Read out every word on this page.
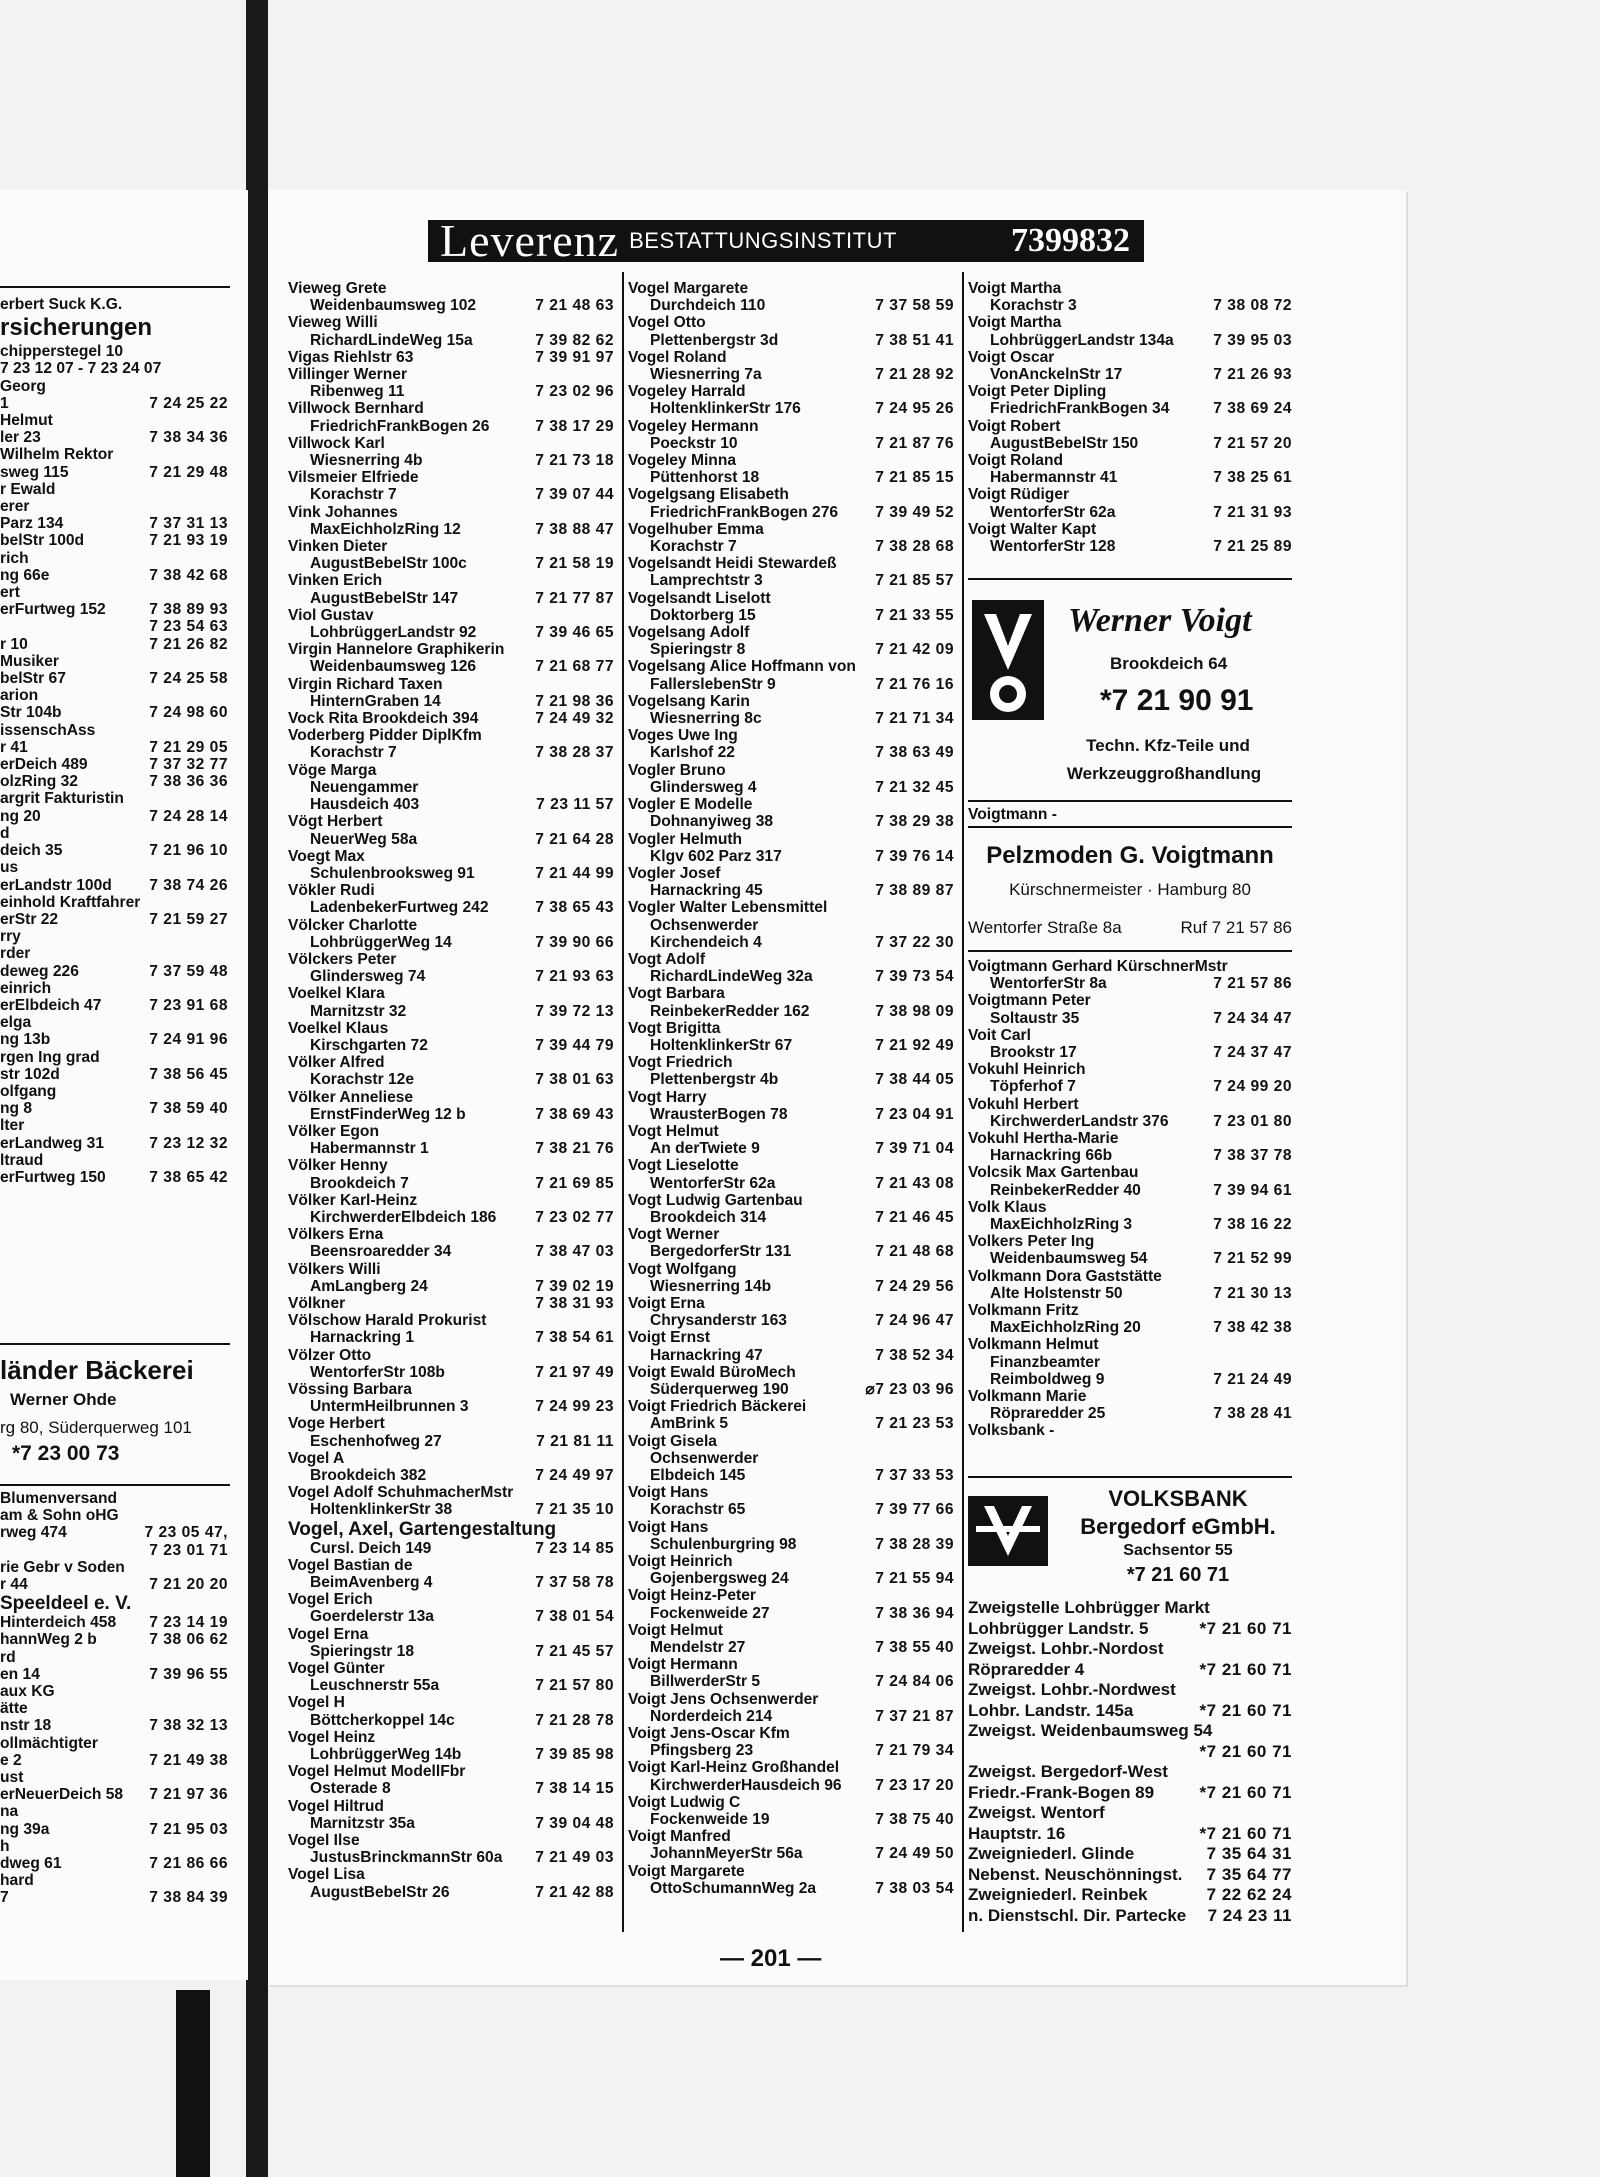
Leverenz BESTATTUNGSINSTITUT	7399832
erbert Suck K.G.
rsicherungen
chipperstegel 10
7 23 12 07 - 7 23 24 07
Georg
1	7 24 25 22
Helmut
ler 23	7 38 34 36
Wilhelm Rektor
sweg 115	7 21 29 48
r Ewald
erer
Parz 134	7 37 31 13
belStr 100d	7 21 93 19
rich
ng 66e	7 38 42 68
ert
erFurtweg 152	7 38 89 93
7 23 54 63
r 10	7 21 26 82
Musiker
belStr 67	7 24 25 58
arion
Str 104b	7 24 98 60
issenschAss
r 41	7 21 29 05
erDeich 489	7 37 32 77
olzRing 32	7 38 36 36
argrit Fakturistin
ng 20	7 24 28 14
d
deich 35	7 21 96 10
us
erLandstr 100d 7 38 74 26
einhold Kraftfahrer
erStr 22	7 21 59 27
rry
rder
deweg 226	7 37 59 48
einrich
erElbdeich 47	7 23 91 68
elga
ng 13b	7 24 91 96
rgen Ing grad
str 102d	7 38 56 45
olfgang
ng 8	7 38 59 40
lter
erLandweg 31	7 23 12 32
ltraud
erFurtweg 150	7 38 65 42
länder Bäckerei
Werner Ohde
rg 80, Süderquerweg 101
*7 23 00 73
Blumenversand
am & Sohn oHG
rweg 474	7 23 05 47,
7 23 01 71
rie Gebr v Soden
r 44	7 21 20 20
Speeldeel e. V.
Hinterdeich 458 7 23 14 19
hannWeg 2 b	7 38 06 62
rd
en 14	7 39 96 55
aux KG
ätte
nstr 18	7 38 32 13
ollmächtigter
e 2	7 21 49 38
ust
erNeuerDeich 58 7 21 97 36
na
ng 39a	7 21 95 03
h
dweg 61	7 21 86 66
hard
7	7 38 84 39
Vieweg Grete
Weidenbaumsweg 102	7 21 48 63
Vieweg Willi
RichardLindeWeg 15a	7 39 82 62
Vigas Riehlstr 63	7 39 91 97
Villinger Werner
Ribenweg 11	7 23 02 96
Villwock Bernhard
FriedrichFrankBogen 26	7 38 17 29
Villwock Karl
Wiesnerring 4b	7 21 73 18
Vilsmeier Elfriede
Korachstr 7	7 39 07 44
Vink Johannes
MaxEichholzRing 12	7 38 88 47
Vinken Dieter
AugustBebelStr 100c	7 21 58 19
Vinken Erich
AugustBebelStr 147	7 21 77 87
Viol Gustav
LohbrüggerLandstr 92	7 39 46 65
Virgin Hannelore Graphikerin
Weidenbaumsweg 126	7 21 68 77
Virgin Richard Taxen
HinternGraben 14	7 21 98 36
Vock Rita Brookdeich 394	7 24 49 32
Voderberg Pidder DiplKfm
Korachstr 7	7 38 28 37
Vöge Marga
Neuengammer
Hausdeich 403	7 23 11 57
Vögt Herbert
NeuerWeg 58a	7 21 64 28
Voegt Max
Schulenbrooksweg 91	7 21 44 99
Vökler Rudi
LadenbekerFurtweg 242	7 38 65 43
Völcker Charlotte
LohbrüggerWeg 14	7 39 90 66
Völckers Peter
Glindersweg 74	7 21 93 63
Voelkel Klara
Marnitzstr 32	7 39 72 13
Voelkel Klaus
Kirschgarten 72	7 39 44 79
Völker Alfred
Korachstr 12e	7 38 01 63
Völker Anneliese
ErnstFinderWeg 12 b	7 38 69 43
Völker Egon
Habermannstr 1	7 38 21 76
Völker Henny
Brookdeich 7	7 21 69 85
Völker Karl-Heinz
KirchwerderElbdeich 186 7 23 02 77
Völkers Erna
Beensroaredder 34	7 38 47 03
Völkers Willi
AmLangberg 24	7 39 02 19
Völkner	7 38 31 93
Völschow Harald Prokurist
Harnackring 1	7 38 54 61
Völzer Otto
WentorferStr 108b	7 21 97 49
Vössing Barbara
UntermHeilbrunnen 3	7 24 99 23
Voge Herbert
Eschenhofweg 27	7 21 81 11
Vogel A
Brookdeich 382	7 24 49 97
Vogel Adolf SchuhmacherMstr
HoltenklinkerStr 38	7 21 35 10
Vogel, Axel, Gartengestaltung
Cursl. Deich 149	7 23 14 85
Vogel Bastian de
BeimAvenberg 4	7 37 58 78
Vogel Erich
Goerdelerstr 13a	7 38 01 54
Vogel Erna
Spieringstr 18	7 21 45 57
Vogel Günter
Leuschnerstr 55a	7 21 57 80
Vogel H
Böttcherkoppel 14c	7 21 28 78
Vogel Heinz
LohbrüggerWeg 14b	7 39 85 98
Vogel Helmut ModellFbr
Osterade 8	7 38 14 15
Vogel Hiltrud
Marnitzstr 35a	7 39 04 48
Vogel Ilse
JustusBrinckmannStr 60a 7 21 49 03
Vogel Lisa
AugustBebelStr 26	7 21 42 88
Vogel Margarete
Durchdeich 110	7 37 58 59
Vogel Otto
Plettenbergstr 3d	7 38 51 41
Vogel Roland
Wiesnerring 7a	7 21 28 92
Vogeley Harrald
HoltenklinkerStr 176	7 24 95 26
Vogeley Hermann
Poeckstr 10	7 21 87 76
Vogeley Minna
Püttenhorst 18	7 21 85 15
Vogelgsang Elisabeth
FriedrichFrankBogen 276 7 39 49 52
Vogelhuber Emma
Korachstr 7	7 38 28 68
Vogelsandt Heidi Stewardeß
Lamprechtstr 3	7 21 85 57
Vogelsandt Liselott
Doktorberg 15	7 21 33 55
Vogelsang Adolf
Spieringstr 8	7 21 42 09
Vogelsang Alice Hoffmann von
FallerslebenStr 9	7 21 76 16
Vogelsang Karin
Wiesnerring 8c	7 21 71 34
Voges Uwe Ing
Karlshof 22	7 38 63 49
Vogler Bruno
Glindersweg 4	7 21 32 45
Vogler E Modelle
Dohnanyiweg 38	7 38 29 38
Vogler Helmuth
Klgv 602 Parz 317	7 39 76 14
Vogler Josef
Harnackring 45	7 38 89 87
Vogler Walter Lebensmittel
Ochsenwerder
Kirchendeich 4	7 37 22 30
Vogt Adolf
RichardLindeWeg 32a	7 39 73 54
Vogt Barbara
ReinbekerRedder 162	7 38 98 09
Vogt Brigitta
HoltenklinkerStr 67	7 21 92 49
Vogt Friedrich
Plettenbergstr 4b	7 38 44 05
Vogt Harry
WrausterBogen 78	7 23 04 91
Vogt Helmut
An derTwiete 9	7 39 71 04
Vogt Lieselotte
WentorferStr 62a	7 21 43 08
Vogt Ludwig Gartenbau
Brookdeich 314	7 21 46 45
Vogt Werner
BergedorferStr 131	7 21 48 68
Vogt Wolfgang
Wiesnerring 14b	7 24 29 56
Voigt Erna
Chrysanderstr 163	7 24 96 47
Voigt Ernst
Harnackring 47	7 38 52 34
Voigt Ewald BüroMech
Süderquerweg 190	⌀7 23 03 96
Voigt Friedrich Bäckerei
AmBrink 5	7 21 23 53
Voigt Gisela
Ochsenwerder
Elbdeich 145	7 37 33 53
Voigt Hans
Korachstr 65	7 39 77 66
Voigt Hans
Schulenburgring 98	7 38 28 39
Voigt Heinrich
Gojenbergsweg 24	7 21 55 94
Voigt Heinz-Peter
Fockenweide 27	7 38 36 94
Voigt Helmut
Mendelstr 27	7 38 55 40
Voigt Hermann
BillwerderStr 5	7 24 84 06
Voigt Jens Ochsenwerder
Norderdeich 214	7 37 21 87
Voigt Jens-Oscar Kfm
Pfingsberg 23	7 21 79 34
Voigt Karl-Heinz Großhandel
KirchwerderHausdeich 96 7 23 17 20
Voigt Ludwig C
Fockenweide 19	7 38 75 40
Voigt Manfred
JohannMeyerStr 56a	7 24 49 50
Voigt Margarete
OttoSchumannWeg 2a	7 38 03 54
Voigt Martha
Korachstr 3	7 38 08 72
Voigt Martha
LohbrüggerLandstr 134a	7 39 95 03
Voigt Oscar
VonAnckelnStr 17	7 21 26 93
Voigt Peter Dipling
FriedrichFrankBogen 34	7 38 69 24
Voigt Robert
AugustBebelStr 150	7 21 57 20
Voigt Roland
Habermannstr 41	7 38 25 61
Voigt Rüdiger
WentorferStr 62a	7 21 31 93
Voigt Walter Kapt
WentorferStr 128	7 21 25 89
Werner Voigt
Brookdeich 64
*7 21 90 91
Techn. Kfz-Teile und
Werkzeuggroßhandlung
Voigtmann -
Pelzmoden G. Voigtmann
Kürschnermeister · Hamburg 80
Wentorfer Straße 8a	Ruf 7 21 57 86
Voigtmann Gerhard KürschnerMstr
WentorferStr 8a	7 21 57 86
Voigtmann Peter
Soltaustr 35	7 24 34 47
Voit Carl
Brookstr 17	7 24 37 47
Vokuhl Heinrich
Töpferhof 7	7 24 99 20
Vokuhl Herbert
KirchwerderLandstr 376	7 23 01 80
Vokuhl Hertha-Marie
Harnackring 66b	7 38 37 78
Volcsik Max Gartenbau
ReinbekerRedder 40	7 39 94 61
Volk Klaus
MaxEichholzRing 3	7 38 16 22
Volkers Peter Ing
Weidenbaumsweg 54	7 21 52 99
Volkmann Dora Gaststätte
Alte Holstenstr 50	7 21 30 13
Volkmann Fritz
MaxEichholzRing 20	7 38 42 38
Volkmann Helmut
Finanzbeamter
Reimboldweg 9	7 21 24 49
Volkmann Marie
Röpraredder 25	7 38 28 41
Volksbank -
VOLKSBANK
Bergedorf eGmbH.
Sachsentor 55
*7 21 60 71
Zweigstelle Lohbrügger Markt
Lohbrügger Landstr. 5	*7 21 60 71
Zweigst. Lohbr.-Nordost
Röpraredder 4	*7 21 60 71
Zweigst. Lohbr.-Nordwest
Lohbr. Landstr. 145a	*7 21 60 71
Zweigst. Weidenbaumsweg 54
*7 21 60 71
Zweigst. Bergedorf-West
Friedr.-Frank-Bogen 89	*7 21 60 71
Zweigst. Wentorf
Hauptstr. 16	*7 21 60 71
Zweigniederl. Glinde	7 35 64 31
Nebenst. Neuschönningst. 7 35 64 77
Zweigniederl. Reinbek	7 22 62 24
n. Dienstschl. Dir. Partecke 7 24 23 11
— 201 —
